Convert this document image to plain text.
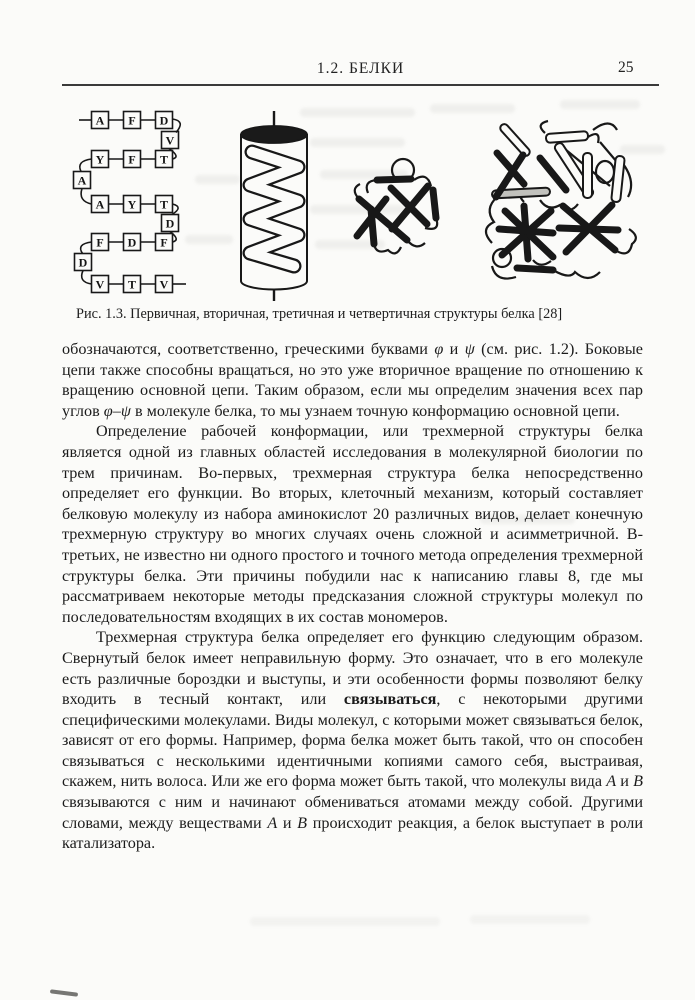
1.2. БЕЛКИ	25
A F D
V
Y F T
A
A Y T
D
F D F
D
V T V
Рис. 1.3. Первичная, вторичная, третичная и четвертичная структуры белка [28]

обозначаются, соответственно, греческими буквами φ и ψ (см. рис. 1.2). Боковые цепи также способны вращаться, но это уже вторичное вращение по отношению к вращению основной цепи. Таким образом, если мы определим значения всех пар углов φ–ψ в молекуле белка, то мы узнаем точную конформацию основной цепи.

Определение рабочей конформации, или трехмерной структуры белка является одной из главных областей исследования в молекулярной биологии по трем причинам. Во-первых, трехмерная структура белка непосредственно определяет его функции. Во вторых, клеточный механизм, который составляет белковую молекулу из набора аминокислот 20 различных видов, делает конечную трехмерную структуру во многих случаях очень сложной и асимметричной. В-третьих, не известно ни одного простого и точного метода определения трехмерной структуры белка. Эти причины побудили нас к написанию главы 8, где мы рассматриваем некоторые методы предсказания сложной структуры молекул по последовательностям входящих в их состав мономеров.

Трехмерная структура белка определяет его функцию следующим образом. Свернутый белок имеет неправильную форму. Это означает, что в его молекуле есть различные бороздки и выступы, и эти особенности формы позволяют белку входить в тесный контакт, или связываться, с некоторыми другими специфическими молекулами. Виды молекул, с которыми может связываться белок, зависят от его формы. Например, форма белка может быть такой, что он способен связываться с несколькими идентичными копиями самого себя, выстраивая, скажем, нить волоса. Или же его форма может быть такой, что молекулы вида A и B связываются с ним и начинают обмениваться атомами между собой. Другими словами, между веществами A и B происходит реакция, а белок выступает в роли катализатора.
